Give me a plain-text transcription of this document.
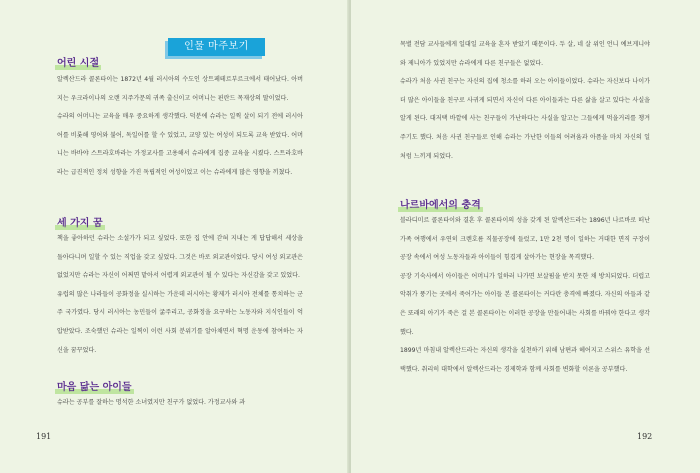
인물 마주보기
어린 시절

알렉산드라 콜론타이는 1872년 4월 러시아의 수도인 상트페테르부르크에서 태어났다. 아버지는 우크라이나의 오랜 지주가문의 귀족 출신이고 어머니는 핀란드 목재상의 딸이었다.

슈라의 어머니는 교육을 매우 중요하게 생각했다. 덕분에 슈라는 일찍 살이 되기 전에 러시아어를 비롯해 영어와 불어, 독일어를 할 수 있었고, 교양 있는 여성이 되도록 교육 받았다. 어머니는 바바야 스트라호바라는 가정교사를 고용해서 슈라에게 집중 교육을 시켰다. 스트라호바라는 급진적인 정치 성향을 가진 독립적인 여성이었고 이는 슈라에게 많은 영향을 끼쳤다.

세 가지 꿈

책을 좋아하던 슈라는 소설가가 되고 싶었다. 또한 집 안에 갇혀 지내는 게 답답해서 세상을 돌아다니며 일할 수 있는 직업을 갖고 싶었다. 그것은 바로 외교관이었다. 당시 여성 외교관은 없었지만 슈라는 자신이 어쩌면 맡아서 어렵게 외교관이 될 수 있다는 자신감을 갖고 있었다.

유럽의 많은 나라들이 공화정을 실시하는 가운데 러시아는 황제가 러시아 전체를 통치하는 군주 국가였다. 당시 러시아는 농민들이 굶주리고, 공화정을 요구하는 노동자와 지식인들이 억압받았다. 조숙했던 슈라는 일찍이 이런 사회 분위기를 알아채면서 혁명 운동에 참여하는 자신을 꿈꾸었다.

마음 닮는 아이들

슈라는 공부를 잘하는 명석한 소녀였지만 친구가 없었다. 가정교사와 과

191

목별 전담 교사들에게 일대일 교육을 혼자 받았기 때문이다. 두 살, 네 살 위인 언니 예브게니야와 제니아가 있었지만 슈라에게 다른 친구들은 없었다.

슈라가 처음 사귄 친구는 자신의 집에 청소를 하러 오는 아이들이었다. 슈라는 자신보다 나이가 더 많은 아이들을 친구로 사귀게 되면서 자신이 다른 아이들과는 다른 삶을 살고 있다는 사실을 알게 된다. 대저택 바깥에 사는 친구들이 가난하다는 사실을 알고는 그들에게 먹을거리를 챙겨주기도 했다. 처음 사귄 친구들로 인해 슈라는 가난한 이들의 어려움과 아픔을 마치 자신의 일처럼 느끼게 되었다.

나르바에서의 충격

블라디미르 콜론타이와 결혼 후 콜론타이의 성을 갖게 된 알렉산드라는 1896년 나르바로 떠난 가족 여행에서 우연히 크렌호름 직물공장에 들렀고, 1만 2천 명이 일하는 거대한 면직 구장이 공장 속에서 여성 노동자들과 아이들이 힘겹게 살아가는 현장을 목격했다.

공장 기숙사에서 아이들은 어머니가 일하러 나가면 보살핌을 받지 못한 채 방치되었다. 더럽고 악취가 풍기는 곳에서 죽어가는 아이들 본 콜론타이는 커다란 충격에 빠졌다. 자신의 아들과 같은 또래의 아기가 죽은 걸 본 콜론타이는 이러한 공장을 만들어내는 사회를 바꿔야 한다고 생각했다.

1899년 마침내 알렉산드라는 자신의 생각을 실천하기 위해 남편과 헤어지고 스위스 유학을 선택했다. 취리히 대학에서 알렉산드라는 경제학과 함께 사회를 변화할 이론을 공부했다.

192
